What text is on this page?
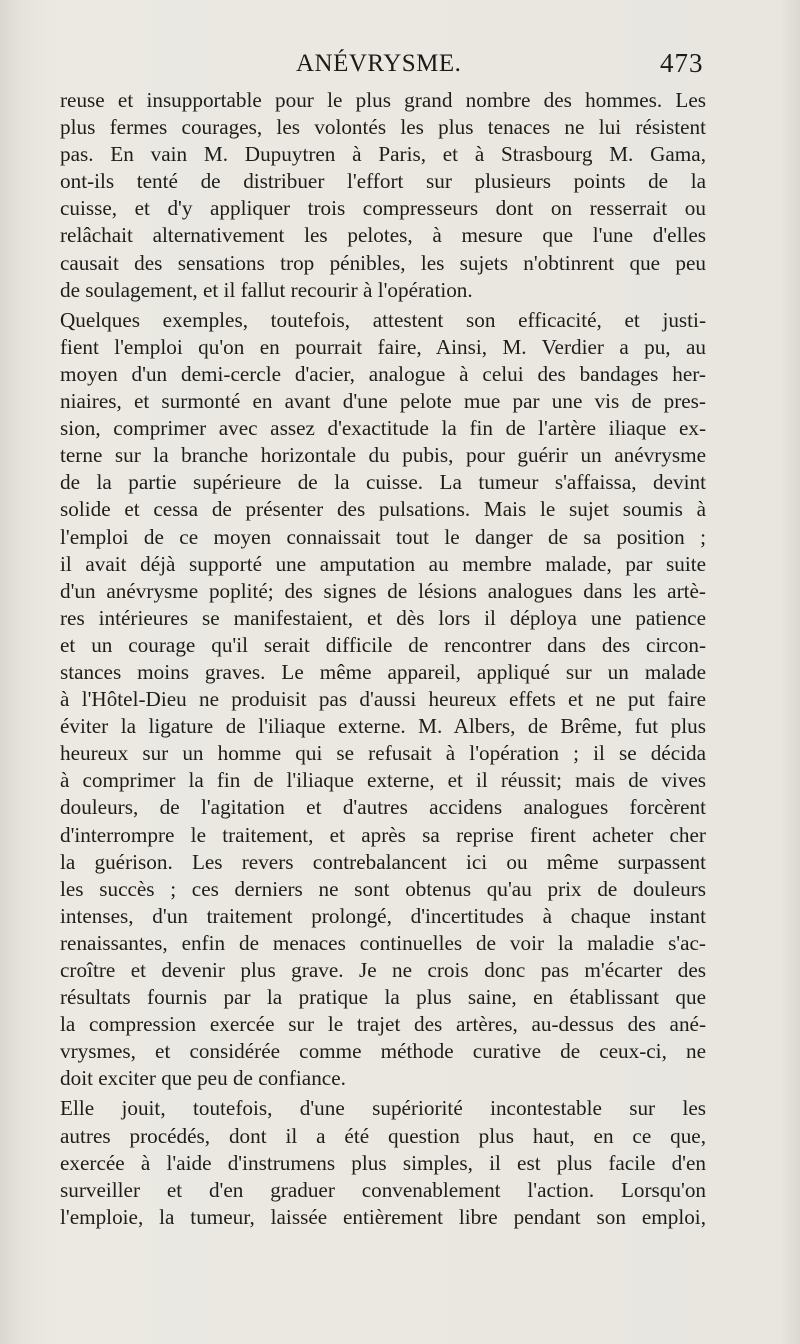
ANÉVRYSME.	473
reuse et insupportable pour le plus grand nombre des hommes. Les
plus fermes courages, les volontés les plus tenaces ne lui résistent
pas. En vain M. Dupuytren à Paris, et à Strasbourg M. Gama,
ont-ils tenté de distribuer l'effort sur plusieurs points de la
cuisse, et d'y appliquer trois compresseurs dont on resserrait ou
relâchait alternativement les pelotes, à mesure que l'une d'elles
causait des sensations trop pénibles, les sujets n'obtinrent que peu
de soulagement, et il fallut recourir à l'opération.
Quelques exemples, toutefois, attestent son efficacité, et justi-
fient l'emploi qu'on en pourrait faire, Ainsi, M. Verdier a pu, au
moyen d'un demi-cercle d'acier, analogue à celui des bandages her-
niaires, et surmonté en avant d'une pelote mue par une vis de pres-
sion, comprimer avec assez d'exactitude la fin de l'artère iliaque ex-
terne sur la branche horizontale du pubis, pour guérir un anévrysme
de la partie supérieure de la cuisse. La tumeur s'affaissa, devint
solide et cessa de présenter des pulsations. Mais le sujet soumis à
l'emploi de ce moyen connaissait tout le danger de sa position ;
il avait déjà supporté une amputation au membre malade, par suite
d'un anévrysme poplité; des signes de lésions analogues dans les artè-
res intérieures se manifestaient, et dès lors il déploya une patience
et un courage qu'il serait difficile de rencontrer dans des circon-
stances moins graves. Le même appareil, appliqué sur un malade
à l'Hôtel-Dieu ne produisit pas d'aussi heureux effets et ne put faire
éviter la ligature de l'iliaque externe. M. Albers, de Brême, fut plus
heureux sur un homme qui se refusait à l'opération ; il se décida
à comprimer la fin de l'iliaque externe, et il réussit; mais de vives
douleurs, de l'agitation et d'autres accidens analogues forcèrent
d'interrompre le traitement, et après sa reprise firent acheter cher
la guérison. Les revers contrebalancent ici ou même surpassent
les succès ; ces derniers ne sont obtenus qu'au prix de douleurs
intenses, d'un traitement prolongé, d'incertitudes à chaque instant
renaissantes, enfin de menaces continuelles de voir la maladie s'ac-
croître et devenir plus grave. Je ne crois donc pas m'écarter des
résultats fournis par la pratique la plus saine, en établissant que
la compression exercée sur le trajet des artères, au-dessus des ané-
vrysmes, et considérée comme méthode curative de ceux-ci, ne
doit exciter que peu de confiance.
Elle jouit, toutefois, d'une supériorité incontestable sur les
autres procédés, dont il a été question plus haut, en ce que,
exercée à l'aide d'instrumens plus simples, il est plus facile d'en
surveiller et d'en graduer convenablement l'action. Lorsqu'on
l'emploie, la tumeur, laissée entièrement libre pendant son emploi,
